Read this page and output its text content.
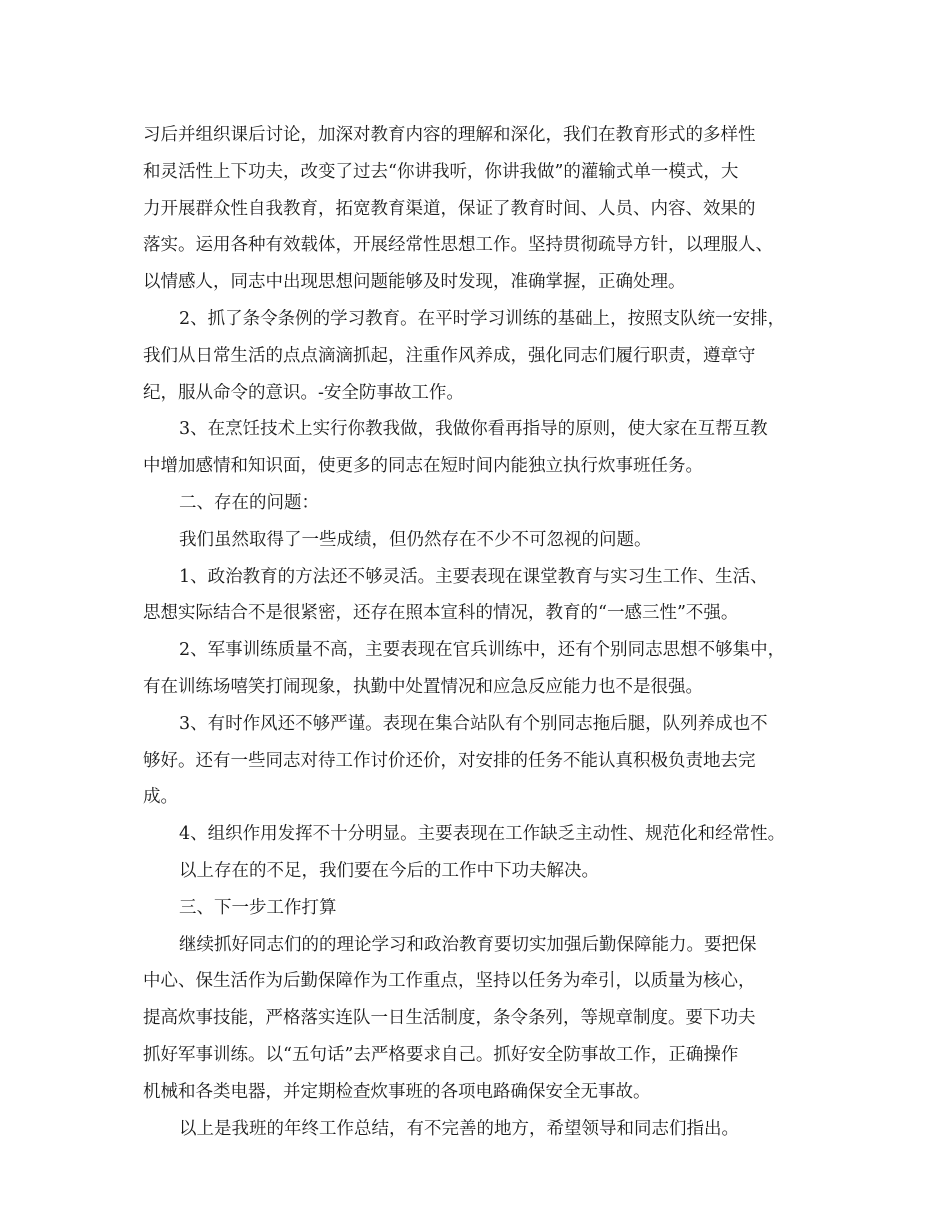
习后并组织课后讨论，加深对教育内容的理解和深化，我们在教育形式的多样性
和灵活性上下功夫，改变了过去“你讲我听，你讲我做”的灌输式单一模式，大
力开展群众性自我教育，拓宽教育渠道，保证了教育时间、人员、内容、效果的
落实。运用各种有效载体，开展经常性思想工作。坚持贯彻疏导方针，以理服人、
以情感人，同志中出现思想问题能够及时发现，准确掌握，正确处理。
2、抓了条令条例的学习教育。在平时学习训练的基础上，按照支队统一安排，
我们从日常生活的点点滴滴抓起，注重作风养成，强化同志们履行职责，遵章守
纪，服从命令的意识。-安全防事故工作。
3、在烹饪技术上实行你教我做，我做你看再指导的原则，使大家在互帮互教
中增加感情和知识面，使更多的同志在短时间内能独立执行炊事班任务。
二、存在的问题：
我们虽然取得了一些成绩，但仍然存在不少不可忽视的问题。
1、政治教育的方法还不够灵活。主要表现在课堂教育与实习生工作、生活、
思想实际结合不是很紧密，还存在照本宣科的情况，教育的“一感三性”不强。
2、军事训练质量不高，主要表现在官兵训练中，还有个别同志思想不够集中，
有在训练场嘻笑打闹现象，执勤中处置情况和应急反应能力也不是很强。
3、有时作风还不够严谨。表现在集合站队有个别同志拖后腿，队列养成也不
够好。还有一些同志对待工作讨价还价，对安排的任务不能认真积极负责地去完
成。
4、组织作用发挥不十分明显。主要表现在工作缺乏主动性、规范化和经常性。
以上存在的不足，我们要在今后的工作中下功夫解决。
三、下一步工作打算
继续抓好同志们的的理论学习和政治教育要切实加强后勤保障能力。要把保
中心、保生活作为后勤保障作为工作重点，坚持以任务为牵引，以质量为核心，
提高炊事技能，严格落实连队一日生活制度，条令条列，等规章制度。要下功夫
抓好军事训练。以“五句话”去严格要求自己。抓好安全防事故工作，正确操作
机械和各类电器，并定期检查炊事班的各项电路确保安全无事故。
以上是我班的年终工作总结，有不完善的地方，希望领导和同志们指出。
